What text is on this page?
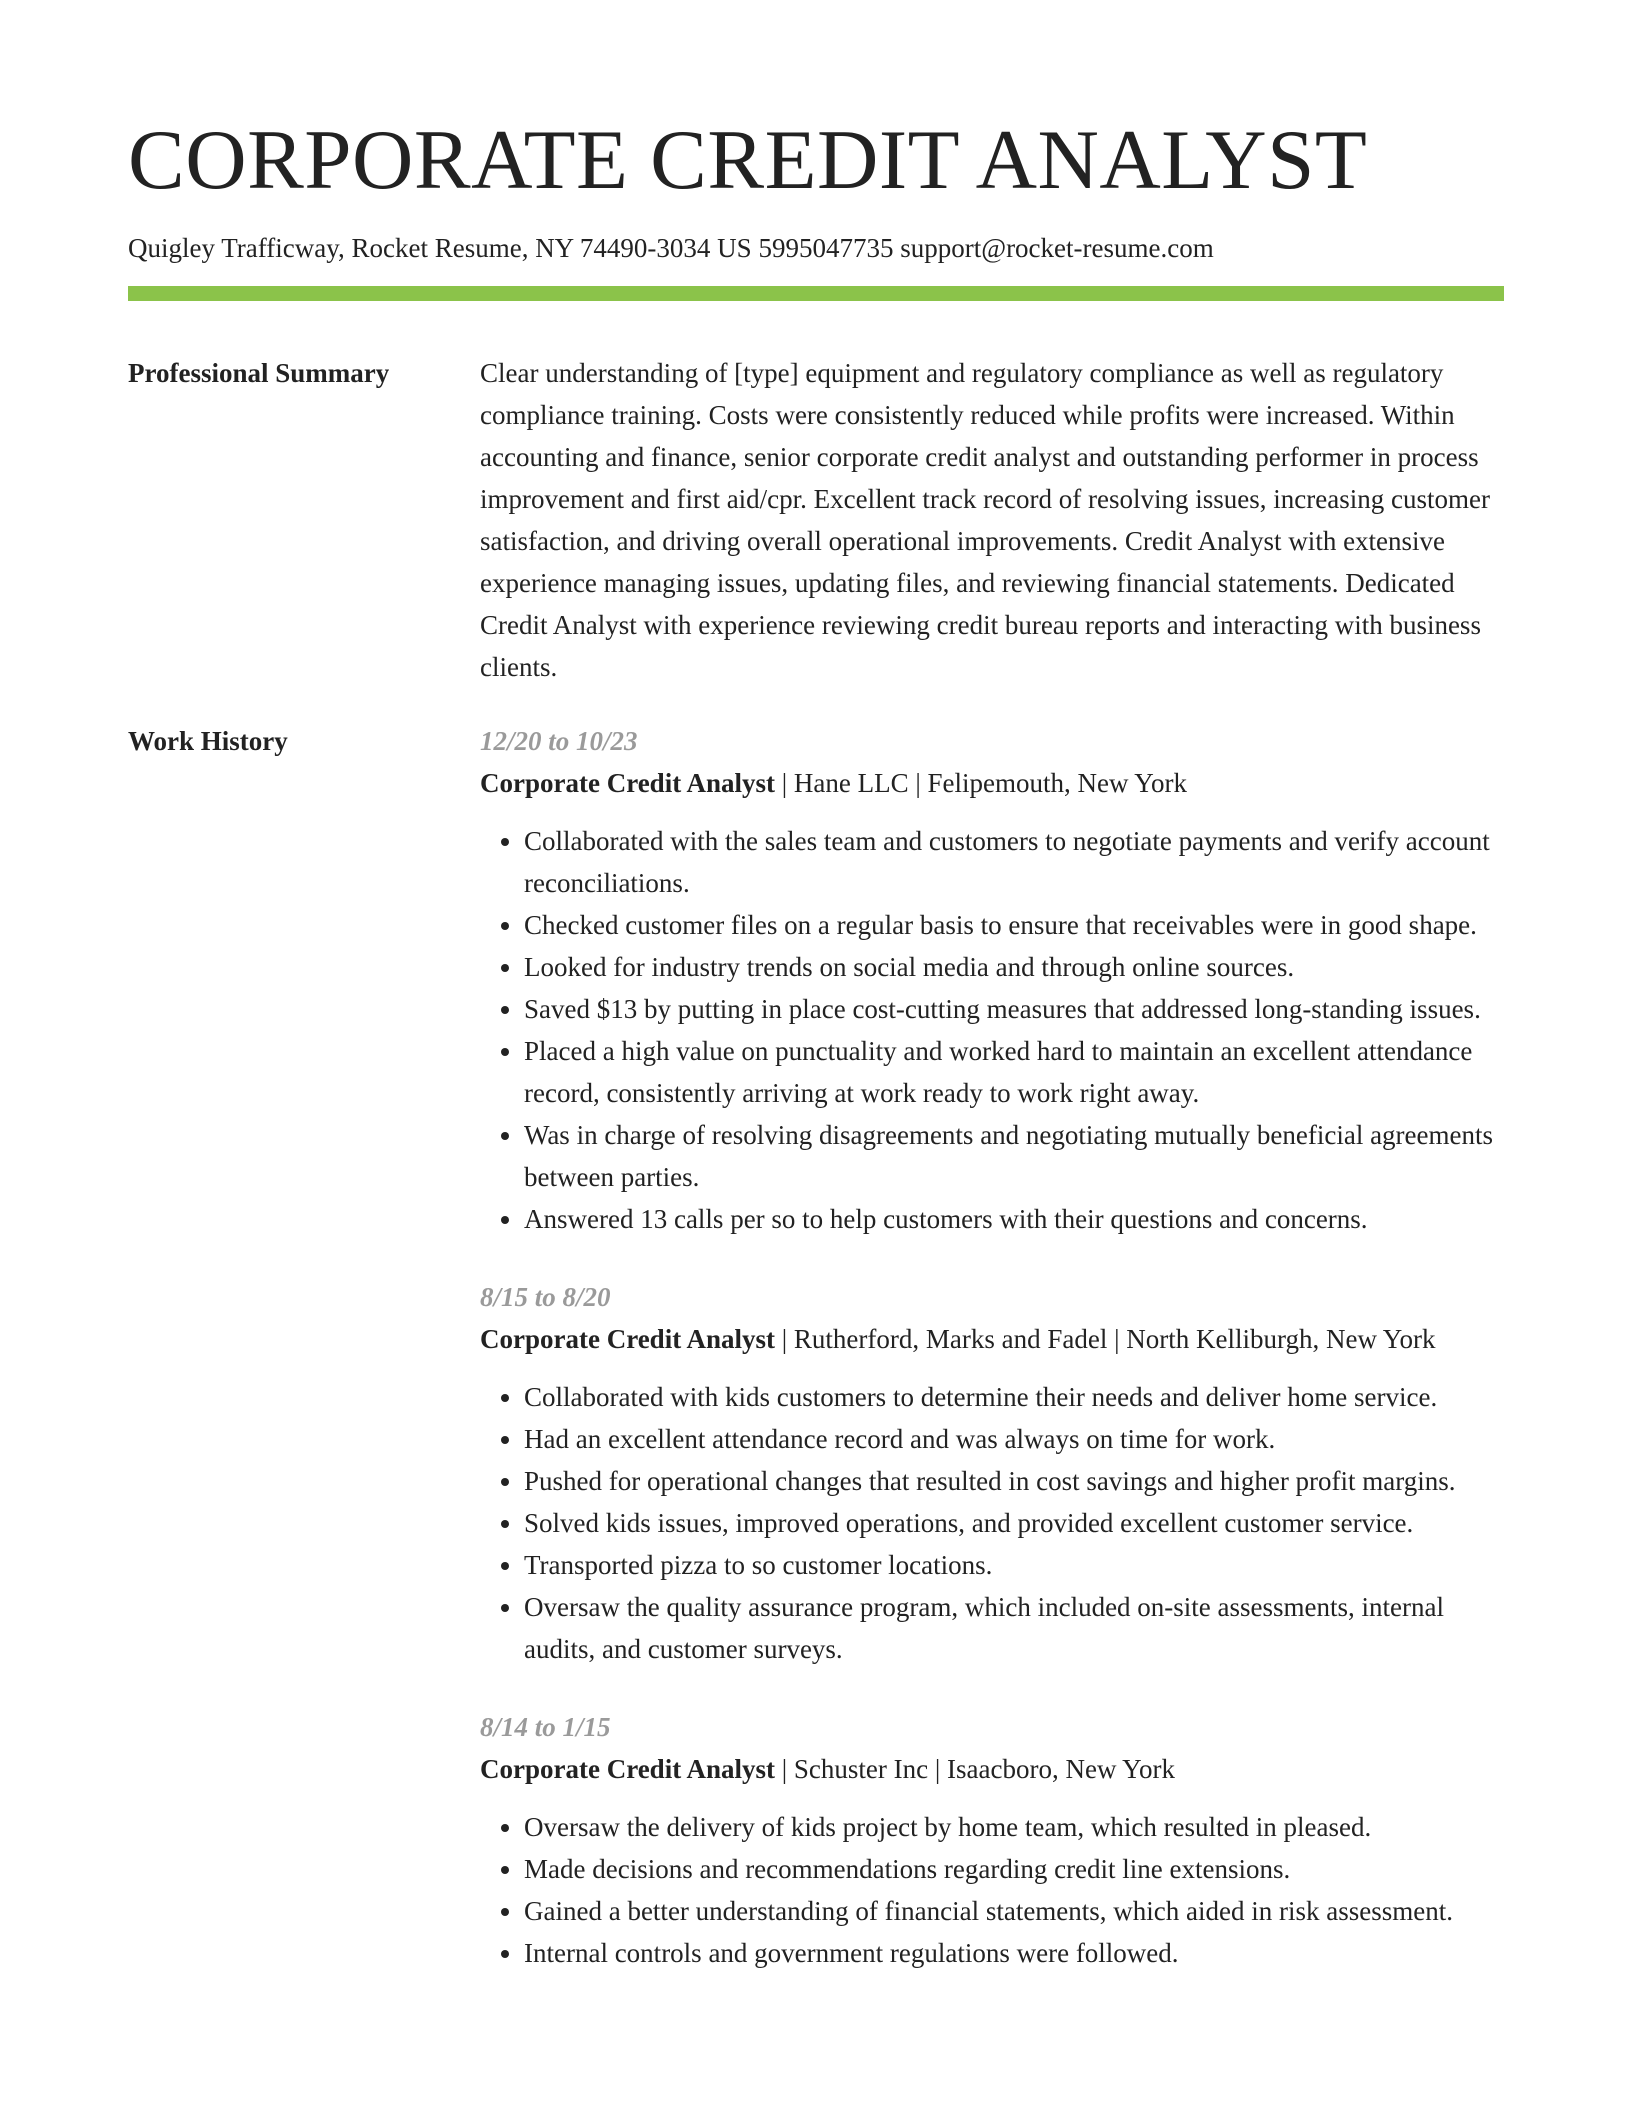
CORPORATE CREDIT ANALYST
Quigley Trafficway, Rocket Resume, NY 74490-3034 US 5995047735 support@rocket-resume.com
Professional Summary	Clear understanding of [type] equipment and regulatory compliance as well as regulatory compliance training. Costs were consistently reduced while profits were increased. Within accounting and finance, senior corporate credit analyst and outstanding performer in process improvement and first aid/cpr. Excellent track record of resolving issues, increasing customer satisfaction, and driving overall operational improvements. Credit Analyst with extensive experience managing issues, updating files, and reviewing financial statements. Dedicated Credit Analyst with experience reviewing credit bureau reports and interacting with business clients.

Work History	12/20 to 10/23
Corporate Credit Analyst | Hane LLC | Felipemouth, New York
• Collaborated with the sales team and customers to negotiate payments and verify account reconciliations.
• Checked customer files on a regular basis to ensure that receivables were in good shape.
• Looked for industry trends on social media and through online sources.
• Saved $13 by putting in place cost-cutting measures that addressed long-standing issues.
• Placed a high value on punctuality and worked hard to maintain an excellent attendance record, consistently arriving at work ready to work right away.
• Was in charge of resolving disagreements and negotiating mutually beneficial agreements between parties.
• Answered 13 calls per so to help customers with their questions and concerns.
8/15 to 8/20
Corporate Credit Analyst | Rutherford, Marks and Fadel | North Kelliburgh, New York
• Collaborated with kids customers to determine their needs and deliver home service.
• Had an excellent attendance record and was always on time for work.
• Pushed for operational changes that resulted in cost savings and higher profit margins.
• Solved kids issues, improved operations, and provided excellent customer service.
• Transported pizza to so customer locations.
• Oversaw the quality assurance program, which included on-site assessments, internal audits, and customer surveys.
8/14 to 1/15
Corporate Credit Analyst | Schuster Inc | Isaacboro, New York
• Oversaw the delivery of kids project by home team, which resulted in pleased.
• Made decisions and recommendations regarding credit line extensions.
• Gained a better understanding of financial statements, which aided in risk assessment.
• Internal controls and government regulations were followed.
